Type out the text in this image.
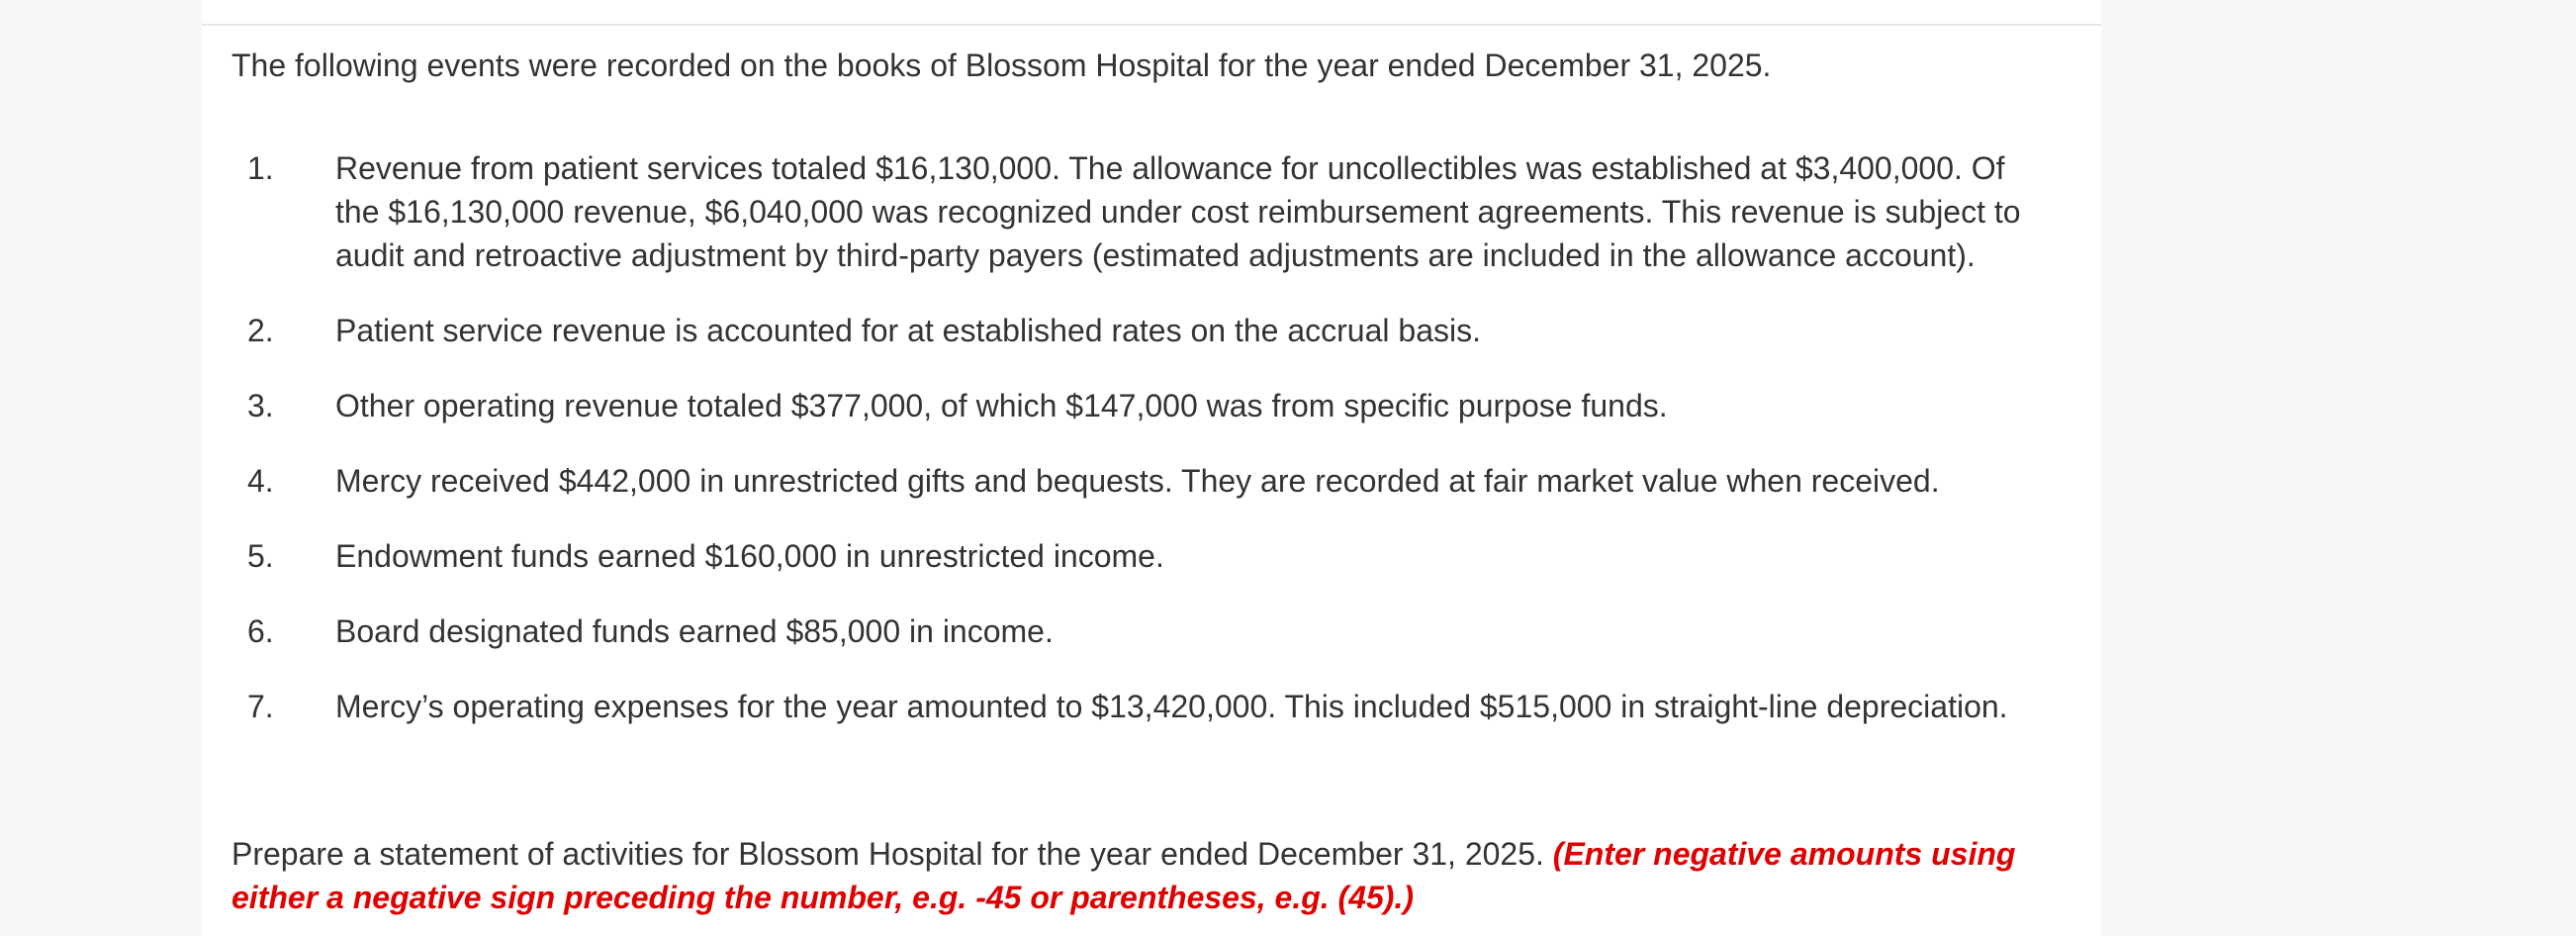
The following events were recorded on the books of Blossom Hospital for the year ended December 31, 2025.
1.	Revenue from patient services totaled $16,130,000. The allowance for uncollectibles was established at $3,400,000. Of the $16,130,000 revenue, $6,040,000 was recognized under cost reimbursement agreements. This revenue is subject to audit and retroactive adjustment by third-party payers (estimated adjustments are included in the allowance account).
2.	Patient service revenue is accounted for at established rates on the accrual basis.
3.	Other operating revenue totaled $377,000, of which $147,000 was from specific purpose funds.
4.	Mercy received $442,000 in unrestricted gifts and bequests. They are recorded at fair market value when received.
5.	Endowment funds earned $160,000 in unrestricted income.
6.	Board designated funds earned $85,000 in income.
7.	Mercy’s operating expenses for the year amounted to $13,420,000. This included $515,000 in straight-line depreciation.
Prepare a statement of activities for Blossom Hospital for the year ended December 31, 2025. (Enter negative amounts using either a negative sign preceding the number, e.g. -45 or parentheses, e.g. (45).)
